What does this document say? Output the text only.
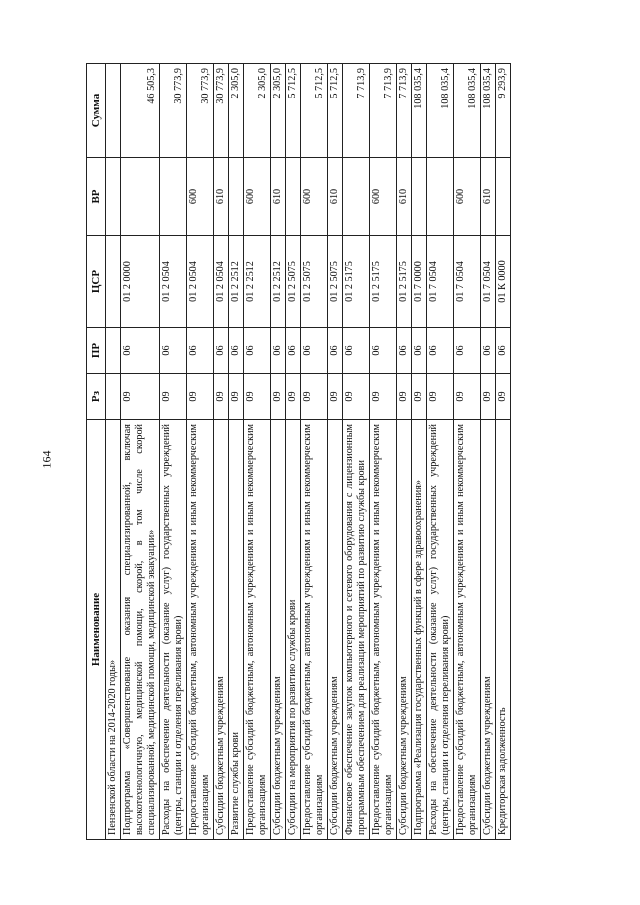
164
Наименование	Рз	ПР	ЦСР	ВР	Сумма
Пензенской области на 2014-2020 годы»					
Подпрограмма «Совершенствование оказания специализированной, включая высокотехнологичную, медицинской помощи, скорой, в том числе скорой специализированной, медицинской помощи, медицинской эвакуации»	09	06	01 2 0000		46 505,3
Расходы на обеспечение деятельности (оказание услуг) государственных учреждений (центры, станции и отделения переливания крови)	09	06	01 2 0504		30 773,9
Предоставление субсидий бюджетным, автономным учреждениям и иным некоммерческим организациям	09	06	01 2 0504	600	30 773,9
Субсидии бюджетным учреждениям	09	06	01 2 0504	610	30 773,9
Развитие службы крови	09	06	01 2 2512		2 305,0
Предоставление субсидий бюджетным, автономным учреждениям и иным некоммерческим организациям	09	06	01 2 2512	600	2 305,0
Субсидии бюджетным учреждениям	09	06	01 2 2512	610	2 305,0
Субсидии на мероприятия по развитию службы крови	09	06	01 2 5075		5 712,5
Предоставление субсидий бюджетным, автономным учреждениям и иным некоммерческим организациям	09	06	01 2 5075	600	5 712,5
Субсидии бюджетным учреждениям	09	06	01 2 5075	610	5 712,5
Финансовое обеспечение закупок компьютерного и сетевого оборудования с лицензионным программным обеспечением для реализации мероприятий по развитию службы крови	09	06	01 2 5175		7 713,9
Предоставление субсидий бюджетным, автономным учреждениям и иным некоммерческим организациям	09	06	01 2 5175	600	7 713,9
Субсидии бюджетным учреждениям	09	06	01 2 5175	610	7 713,9
Подпрограмма «Реализация государственных функций в сфере здравоохранения»	09	06	01 7 0000		108 035,4
Расходы на обеспечение деятельности (оказание услуг) государственных учреждений (центры, станции и отделения переливания крови)	09	06	01 7 0504		108 035,4
Предоставление субсидий бюджетным, автономным учреждениям и иным некоммерческим организациям	09	06	01 7 0504	600	108 035,4
Субсидии бюджетным учреждениям	09	06	01 7 0504	610	108 035,4
Кредиторская задолженность	09	06	01 К 0000		9 293,9
